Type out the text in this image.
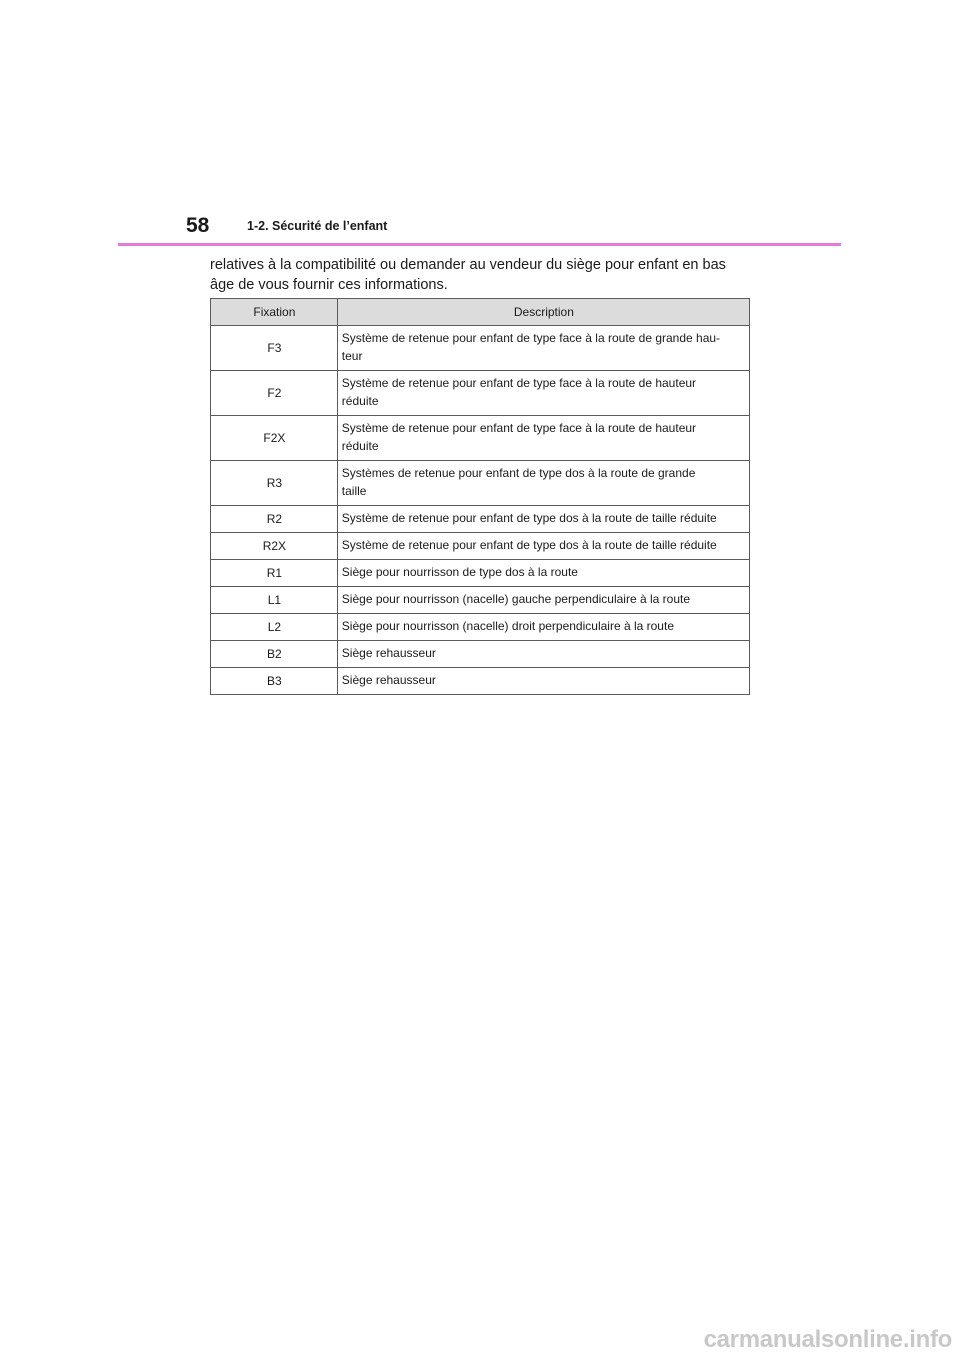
58	1-2. Sécurité de l’enfant

relatives à la compatibilité ou demander au vendeur du siège pour enfant en bas

âge de vous fournir ces informations.

Fixation	Description
F3	Système de retenue pour enfant de type face à la route de grande hau-
teur
F2	Système de retenue pour enfant de type face à la route de hauteur
réduite
F2X	Système de retenue pour enfant de type face à la route de hauteur
réduite
R3	Systèmes de retenue pour enfant de type dos à la route de grande
taille
R2	Système de retenue pour enfant de type dos à la route de taille réduite
R2X	Système de retenue pour enfant de type dos à la route de taille réduite
R1	Siège pour nourrisson de type dos à la route
L1	Siège pour nourrisson (nacelle) gauche perpendiculaire à la route
L2	Siège pour nourrisson (nacelle) droit perpendiculaire à la route
B2	Siège rehausseur
B3	Siège rehausseur
carmanualsonline.info
